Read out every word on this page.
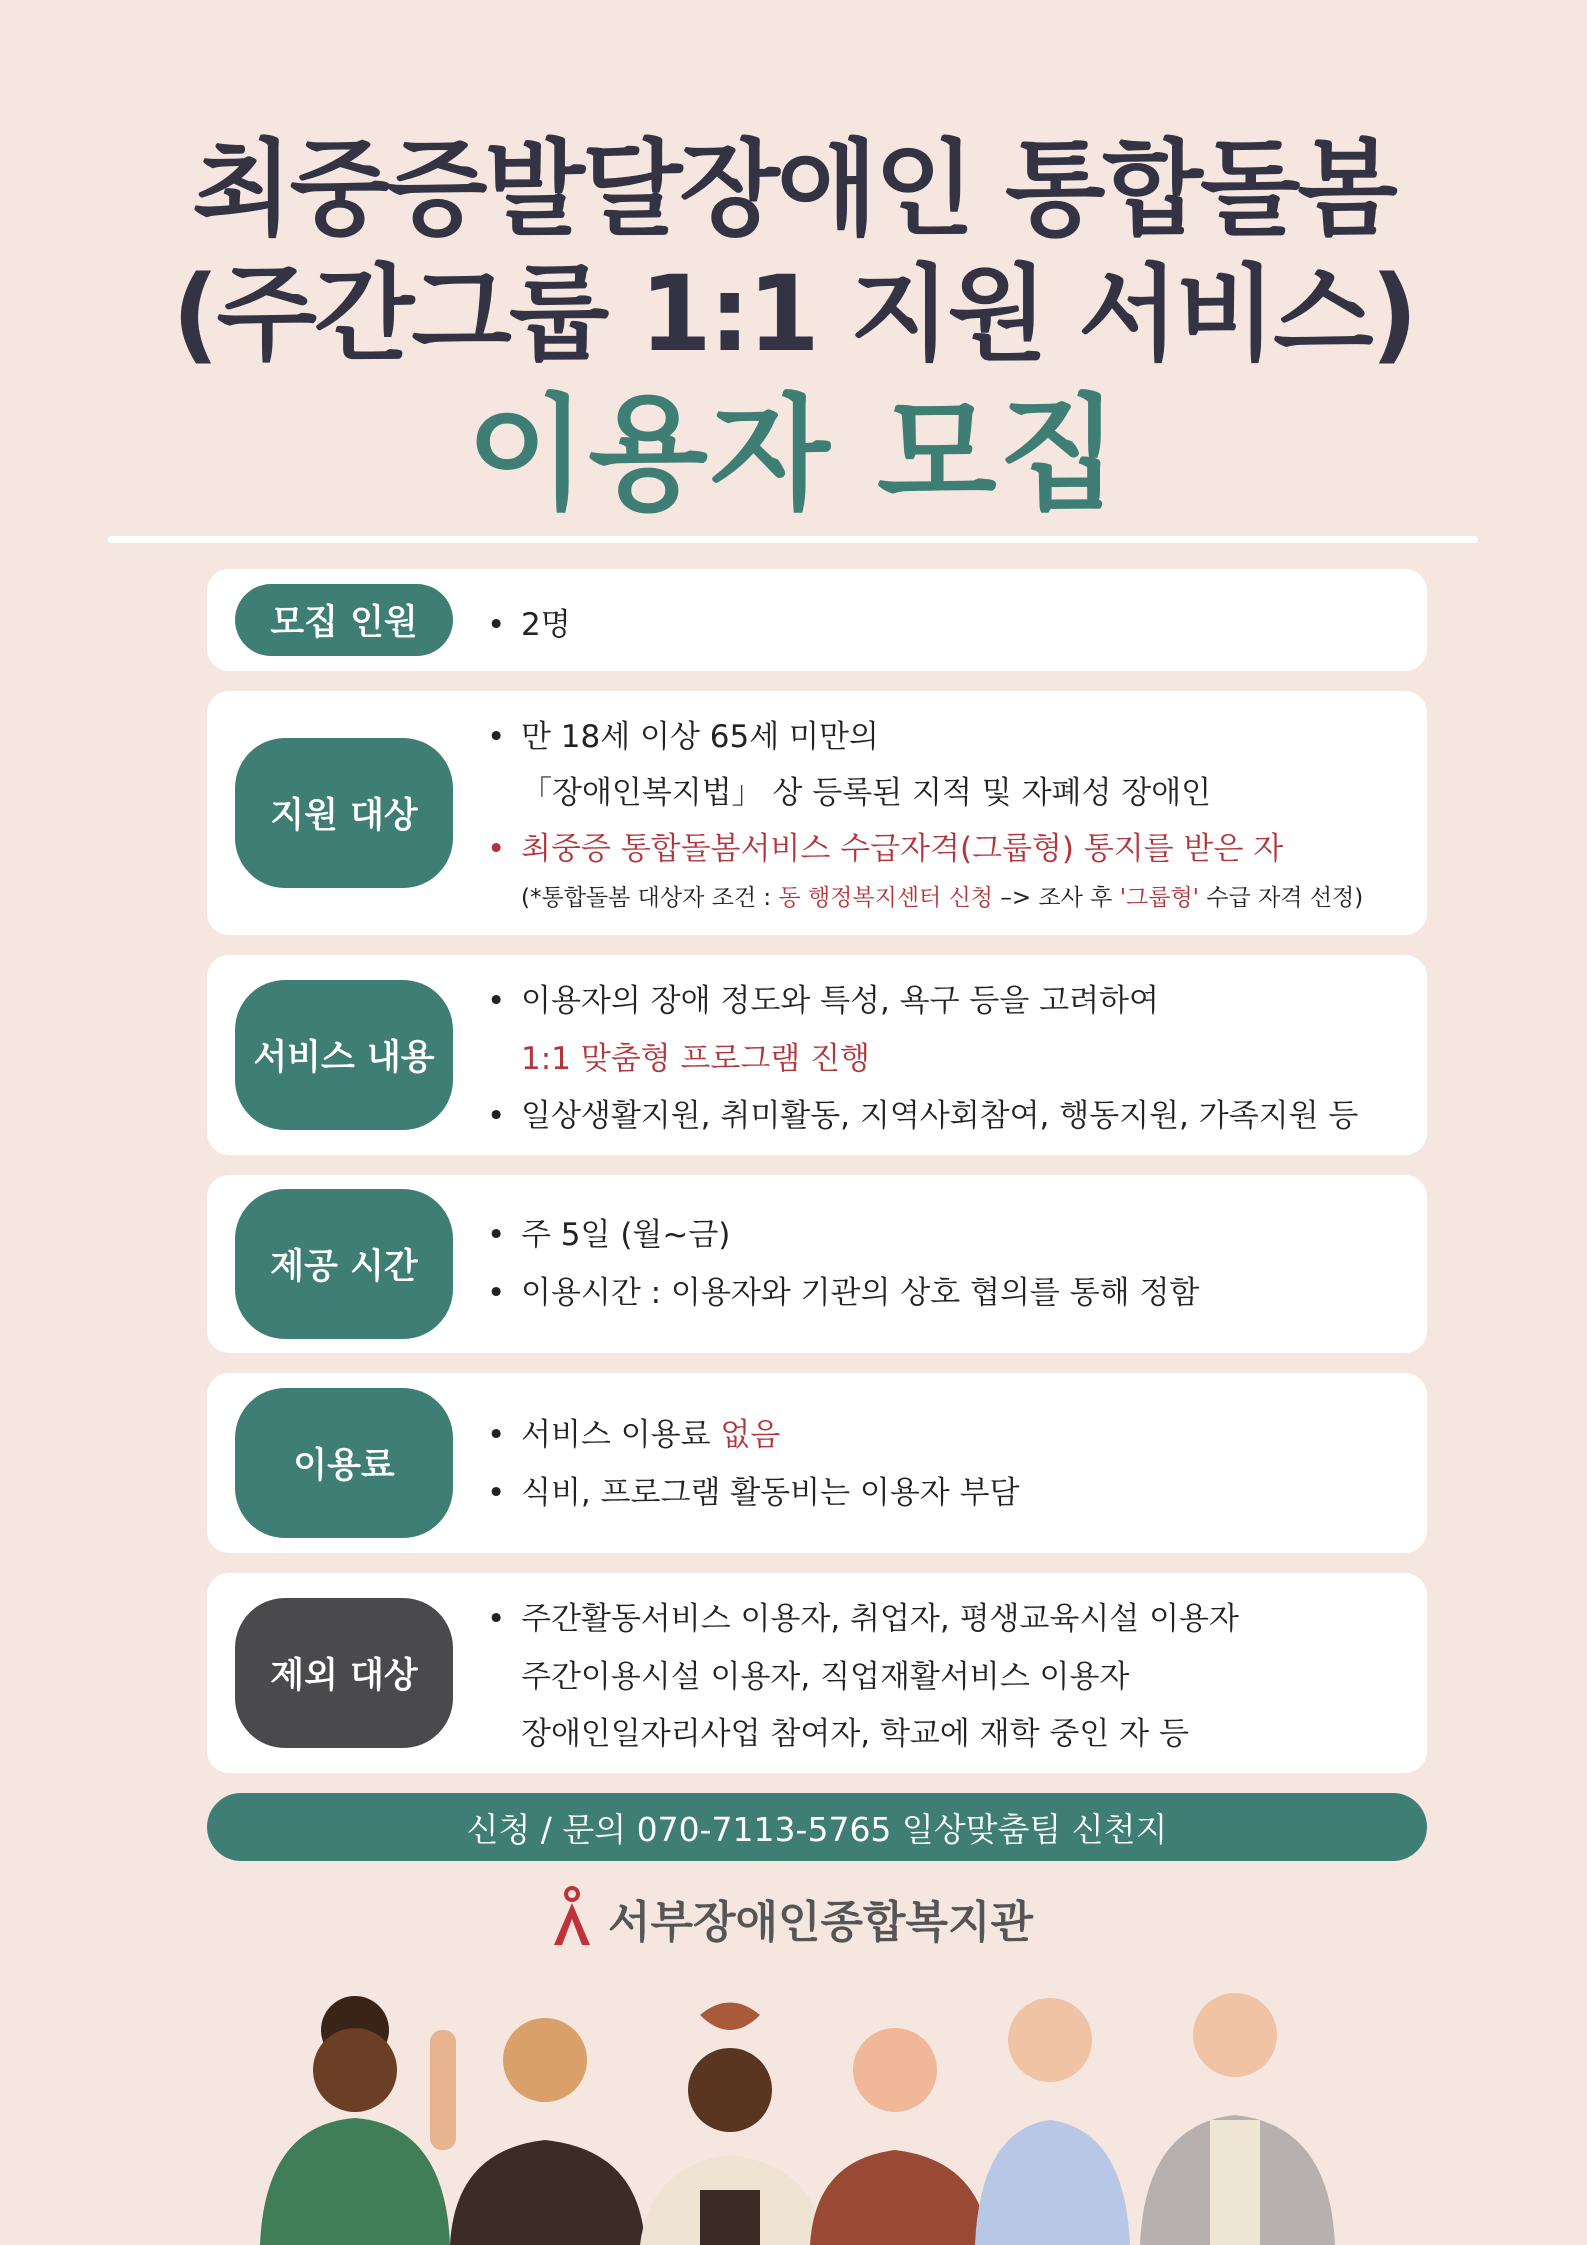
최중증발달장애인 통합돌봄
(주간그룹 1:1 지원 서비스)
이용자 모집
모집 인원	• 2명
지원 대상
• 만 18세 이상 65세 미만의
「장애인복지법」 상 등록된 지적 및 자폐성 장애인
• 최중증 통합돌봄서비스 수급자격(그룹형) 통지를 받은 자
(*통합돌봄 대상자 조건 : 동 행정복지센터 신청 –> 조사 후 '그룹형' 수급 자격 선정)
서비스 내용
• 이용자의 장애 정도와 특성, 욕구 등을 고려하여
1:1 맞춤형 프로그램 진행
• 일상생활지원, 취미활동, 지역사회참여, 행동지원, 가족지원 등
제공 시간
• 주 5일 (월~금)
• 이용시간 : 이용자와 기관의 상호 협의를 통해 정함
이용료
• 서비스 이용료 없음
• 식비, 프로그램 활동비는 이용자 부담
제외 대상
• 주간활동서비스 이용자, 취업자, 평생교육시설 이용자
주간이용시설 이용자, 직업재활서비스 이용자
장애인일자리사업 참여자, 학교에 재학 중인 자 등
신청 / 문의 070-7113-5765 일상맞춤팀 신천지
서부장애인종합복지관
